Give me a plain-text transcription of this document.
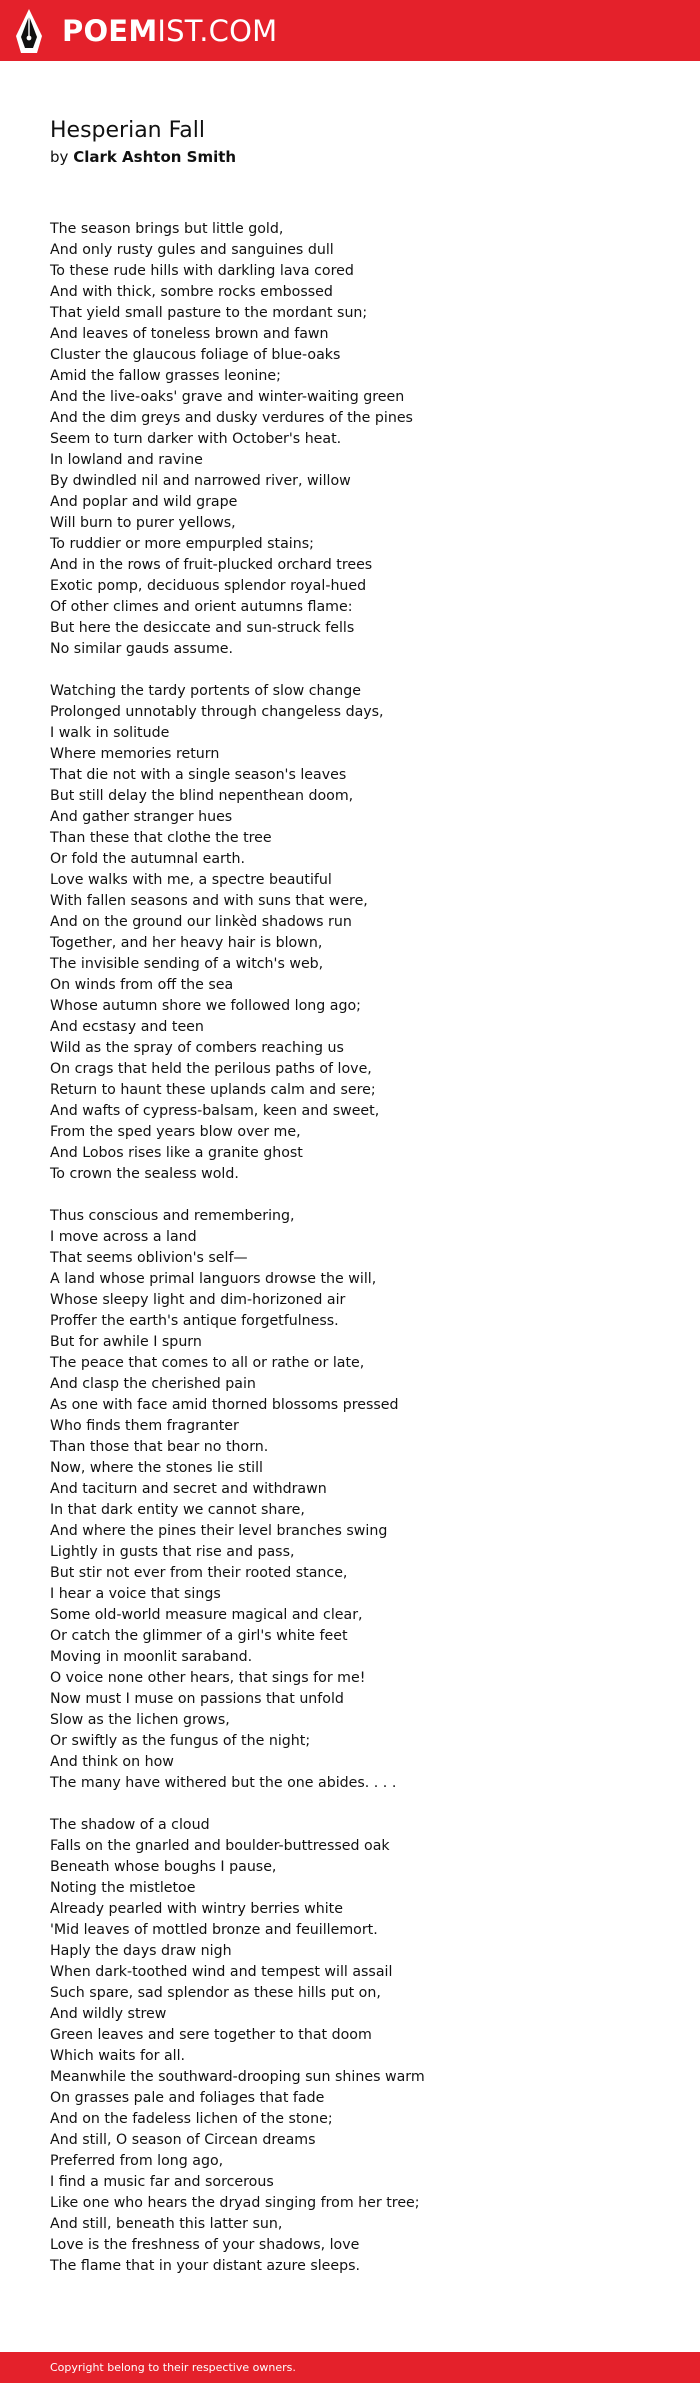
POEMIST.COM
Hesperian Fall
by Clark Ashton Smith
The season brings but little gold,
And only rusty gules and sanguines dull
To these rude hills with darkling lava cored
And with thick, sombre rocks embossed
That yield small pasture to the mordant sun;
And leaves of toneless brown and fawn
Cluster the glaucous foliage of blue-oaks
Amid the fallow grasses leonine;
And the live-oaks' grave and winter-waiting green
And the dim greys and dusky verdures of the pines
Seem to turn darker with October's heat.
In lowland and ravine
By dwindled nil and narrowed river, willow
And poplar and wild grape
Will burn to purer yellows,
To ruddier or more empurpled stains;
And in the rows of fruit-plucked orchard trees
Exotic pomp, deciduous splendor royal-hued
Of other climes and orient autumns flame:
But here the desiccate and sun-struck fells
No similar gauds assume.
Watching the tardy portents of slow change
Prolonged unnotably through changeless days,
I walk in solitude
Where memories return
That die not with a single season's leaves
But still delay the blind nepenthean doom,
And gather stranger hues
Than these that clothe the tree
Or fold the autumnal earth.
Love walks with me, a spectre beautiful
With fallen seasons and with suns that were,
And on the ground our linkèd shadows run
Together, and her heavy hair is blown,
The invisible sending of a witch's web,
On winds from off the sea
Whose autumn shore we followed long ago;
And ecstasy and teen
Wild as the spray of combers reaching us
On crags that held the perilous paths of love,
Return to haunt these uplands calm and sere;
And wafts of cypress-balsam, keen and sweet,
From the sped years blow over me,
And Lobos rises like a granite ghost
To crown the sealess wold.
Thus conscious and remembering,
I move across a land
That seems oblivion's self—
A land whose primal languors drowse the will,
Whose sleepy light and dim-horizoned air
Proffer the earth's antique forgetfulness.
But for awhile I spurn
The peace that comes to all or rathe or late,
And clasp the cherished pain
As one with face amid thorned blossoms pressed
Who finds them fragranter
Than those that bear no thorn.
Now, where the stones lie still
And taciturn and secret and withdrawn
In that dark entity we cannot share,
And where the pines their level branches swing
Lightly in gusts that rise and pass,
But stir not ever from their rooted stance,
I hear a voice that sings
Some old-world measure magical and clear,
Or catch the glimmer of a girl's white feet
Moving in moonlit saraband.
O voice none other hears, that sings for me!
Now must I muse on passions that unfold
Slow as the lichen grows,
Or swiftly as the fungus of the night;
And think on how
The many have withered but the one abides. . . .
The shadow of a cloud
Falls on the gnarled and boulder-buttressed oak
Beneath whose boughs I pause,
Noting the mistletoe
Already pearled with wintry berries white
'Mid leaves of mottled bronze and feuillemort.
Haply the days draw nigh
When dark-toothed wind and tempest will assail
Such spare, sad splendor as these hills put on,
And wildly strew
Green leaves and sere together to that doom
Which waits for all.
Meanwhile the southward-drooping sun shines warm
On grasses pale and foliages that fade
And on the fadeless lichen of the stone;
And still, O season of Circean dreams
Preferred from long ago,
I find a music far and sorcerous
Like one who hears the dryad singing from her tree;
And still, beneath this latter sun,
Love is the freshness of your shadows, love
The flame that in your distant azure sleeps.
Copyright belong to their respective owners.
